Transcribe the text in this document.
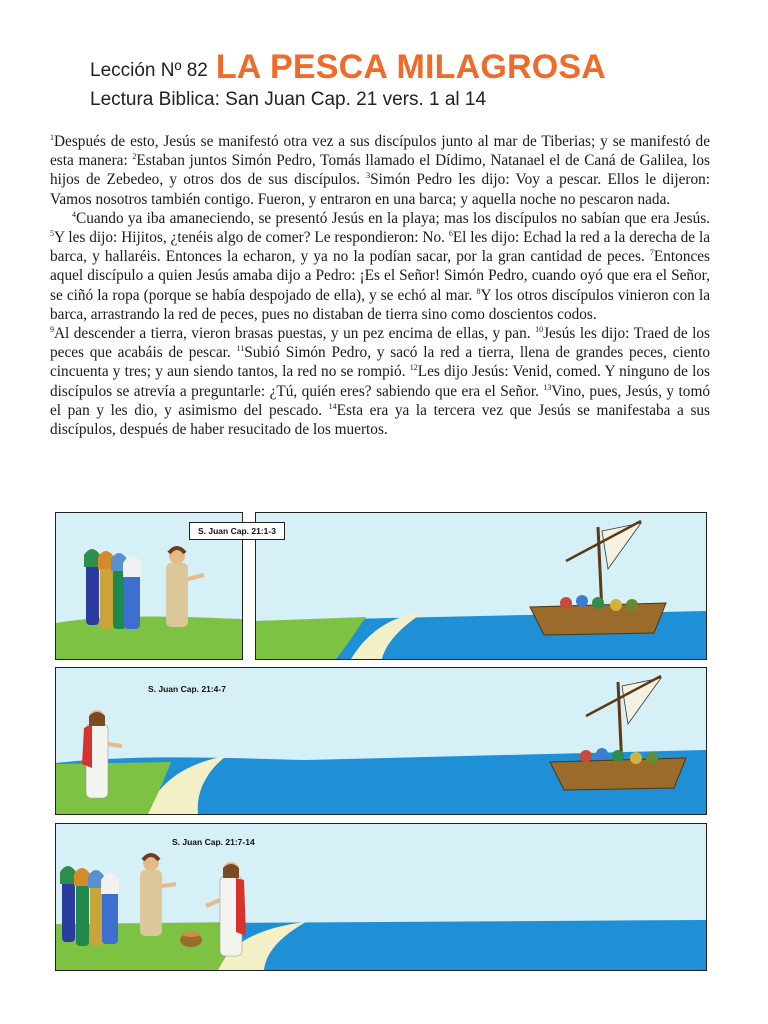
Lección Nº 82 LA PESCA MILAGROSA
Lectura Biblica: San Juan Cap. 21 vers. 1 al 14

$^1$Después de esto, Jesús se manifestó otra vez a sus discípulos junto al mar de Tiberias; y se manifestó de esta manera: $^2$Estaban juntos Simón Pedro, Tomás llamado el Dídimo, Natanael el de Caná de Galilea, los hijos de Zebedeo, y otros dos de sus discípulos. $^3$Simón Pedro les dijo: Voy a pescar. Ellos le dijeron: Vamos nosotros también contigo. Fueron, y entraron en una barca; y aquella noche no pescaron nada.

$^4$Cuando ya iba amaneciendo, se presentó Jesús en la playa; mas los discípulos no sabían que era Jesús. $^5$Y les dijo: Hijitos, ¿tenéis algo de comer? Le respondieron: No. $^6$El les dijo: Echad la red a la derecha de la barca, y hallaréis. Entonces la echaron, y ya no la podían sacar, por la gran cantidad de peces. $^7$Entonces aquel discípulo a quien Jesús amaba dijo a Pedro: ¡Es el Señor! Simón Pedro, cuando oyó que era el Señor, se ciñó la ropa (porque se había despojado de ella), y se echó al mar. $^8$Y los otros discípulos vinieron con la barca, arrastrando la red de peces, pues no distaban de tierra sino como doscientos codos.

$^9$Al descender a tierra, vieron brasas puestas, y un pez encima de ellas, y pan. $^{10}$Jesús les dijo: Traed de los peces que acabáis de pescar. $^{11}$Subió Simón Pedro, y sacó la red a tierra, llena de grandes peces, ciento cincuenta y tres; y aun siendo tantos, la red no se rompió. $^{12}$Les dijo Jesús: Venid, comed. Y ninguno de los discípulos se atrevía a preguntarle: ¿Tú, quién eres? sabiendo que era el Señor. $^{13}$Vino, pues, Jesús, y tomó el pan y les dio, y asimismo del pescado. $^{14}$Esta era ya la tercera vez que Jesús se manifestaba a sus discípulos, después de haber resucitado de los muertos.

S. Juan Cap. 21:1-3
S. Juan Cap. 21:4-7
S. Juan Cap. 21:7-14
